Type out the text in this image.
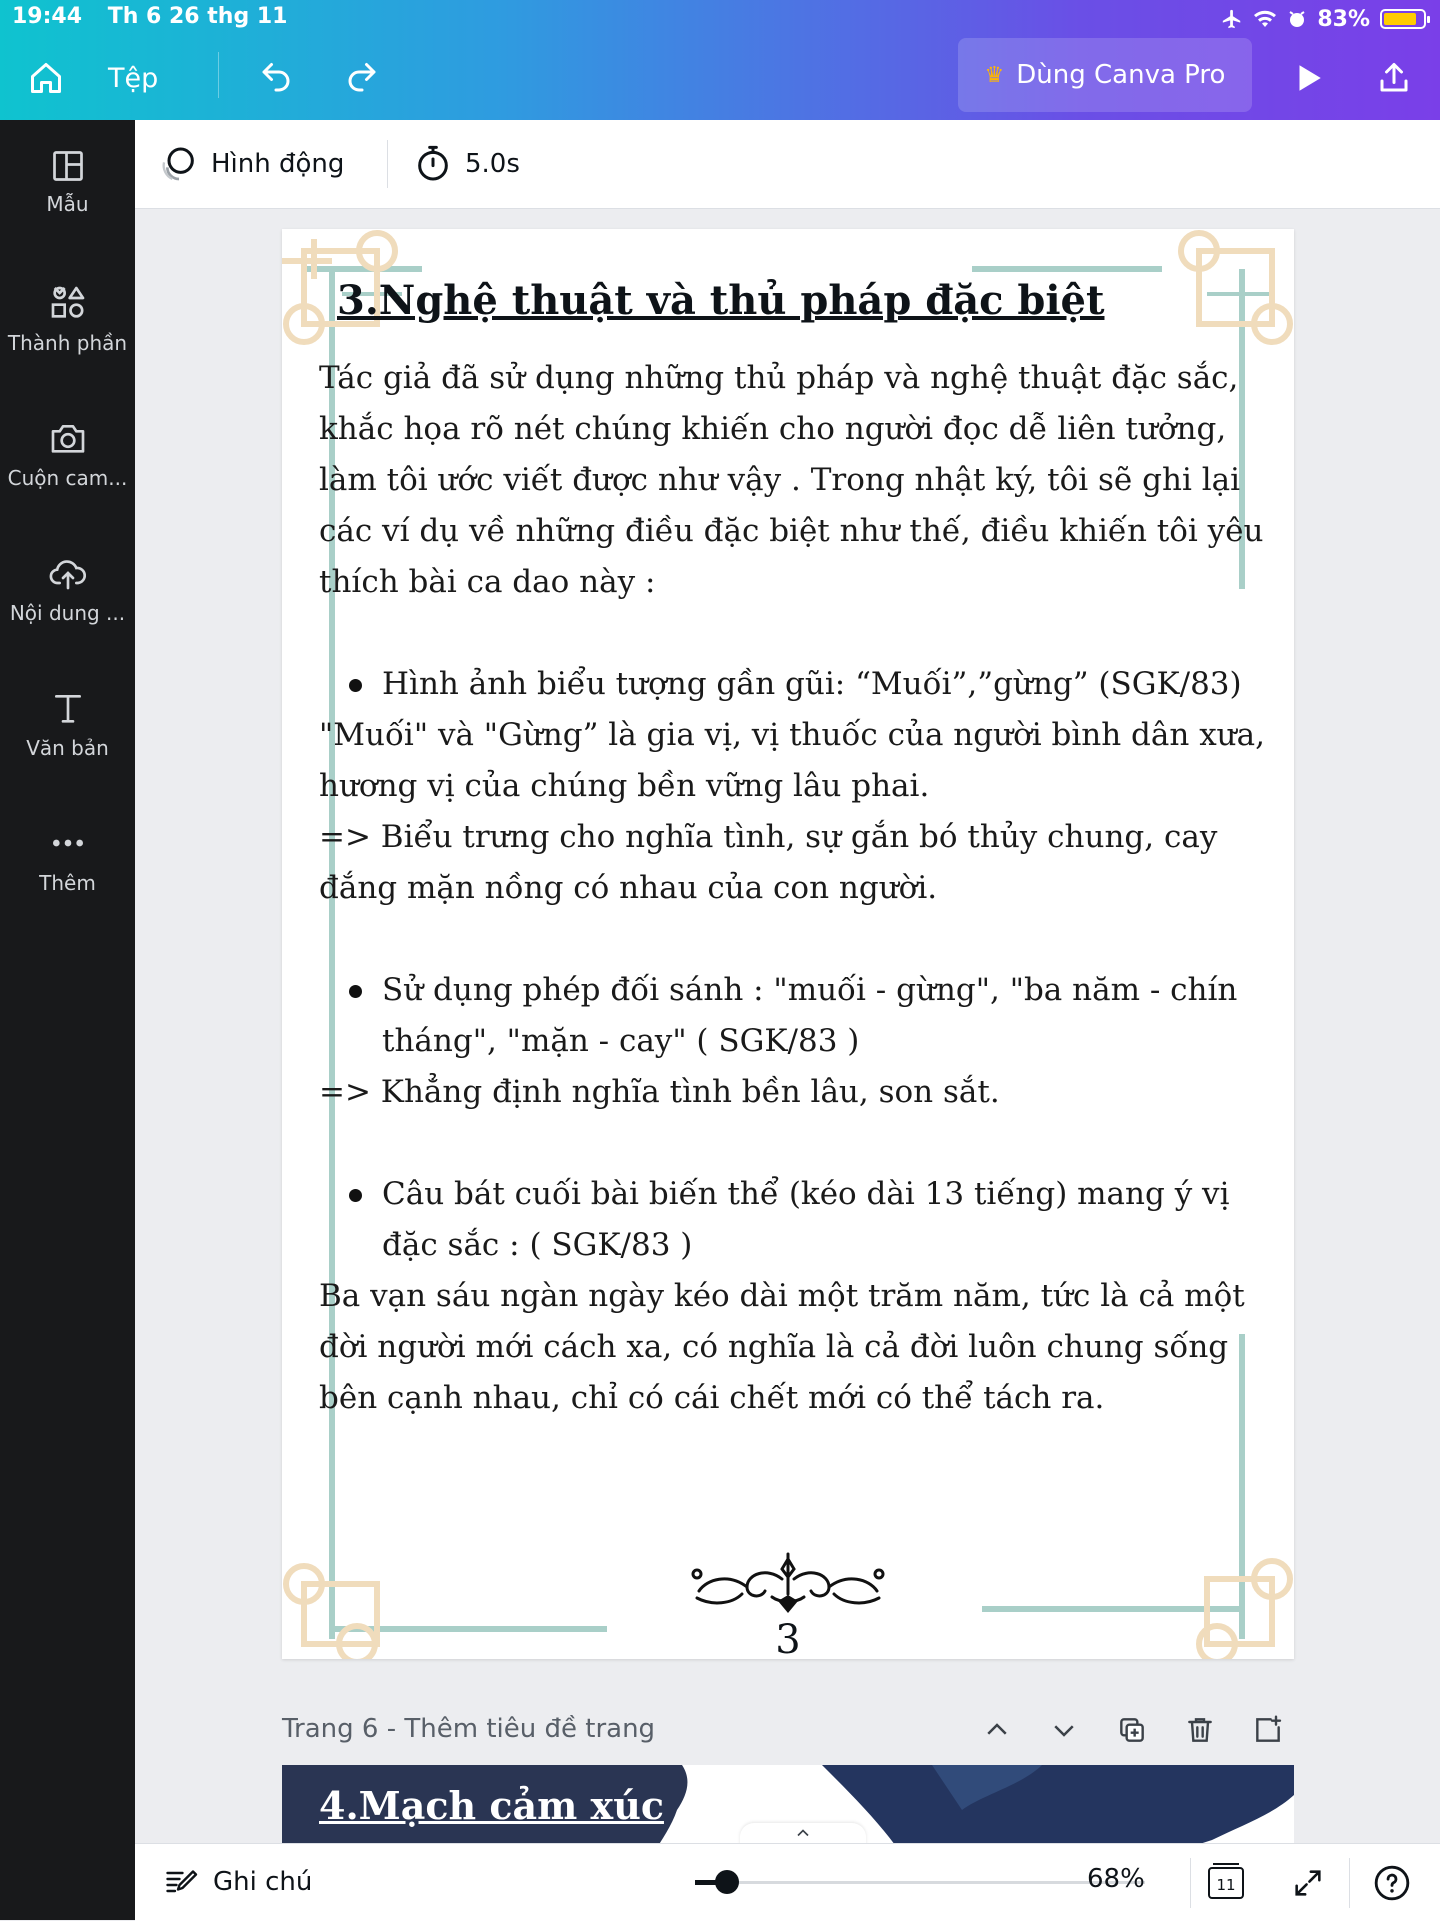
19:44 Th 6 26 thg 11	83%
Tệp	♛ Dùng Canva Pro
Mẫu
Thành phần
Cuộn cam...
Nội dung ...
Văn bản
Thêm
Hình động	5.0s
3.Nghệ thuật và thủ pháp đặc biệt

Tác giả đã sử dụng những thủ pháp và nghệ thuật đặc sắc, khắc họa rõ nét chúng khiến cho người đọc dễ liên tưởng, làm tôi ước viết được như vậy . Trong nhật ký, tôi sẽ ghi lại các ví dụ về những điều đặc biệt như thế, điều khiến tôi yêu thích bài ca dao này :

Hình ảnh biểu tượng gần gũi: “Muối”,”gừng” (SGK/83)

"Muối" và "Gừng” là gia vị, vị thuốc của người bình dân xưa, hương vị của chúng bền vững lâu phai.

=> Biểu trưng cho nghĩa tình, sự gắn bó thủy chung, cay đắng mặn nồng có nhau của con người.

Sử dụng phép đối sánh : "muối - gừng", "ba năm - chín tháng", "mặn - cay" ( SGK/83 )

=> Khẳng định nghĩa tình bền lâu, son sắt.

Câu bát cuối bài biến thể (kéo dài 13 tiếng) mang ý vị đặc sắc : ( SGK/83 )

Ba vạn sáu ngàn ngày kéo dài một trăm năm, tức là cả một đời người mới cách xa, có nghĩa là cả đời luôn chung sống bên cạnh nhau, chỉ có cái chết mới có thể tách ra.

3
Trang 6 - Thêm tiêu đề trang
4.Mạch cảm xúc
Ghi chú	68%	11
